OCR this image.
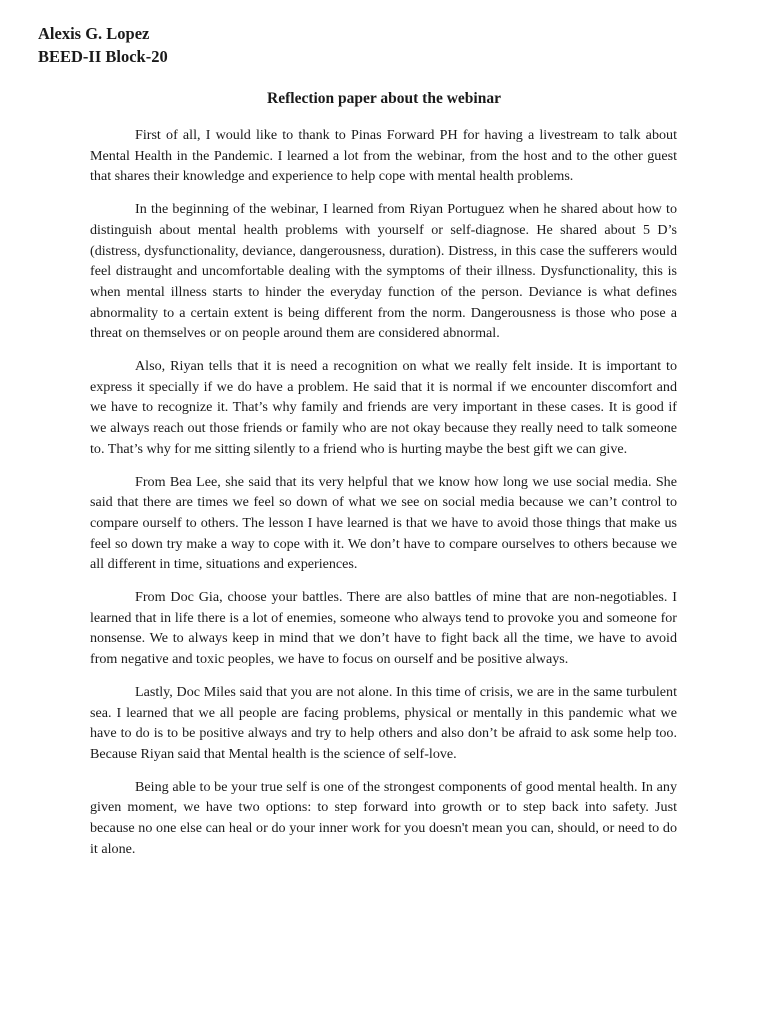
Alexis G. Lopez
BEED-II Block-20
Reflection paper about the webinar

First of all, I would like to thank to Pinas Forward PH for having a livestream to talk about Mental Health in the Pandemic. I learned a lot from the webinar, from the host and to the other guest that shares their knowledge and experience to help cope with mental health problems.

In the beginning of the webinar, I learned from Riyan Portuguez when he shared about how to distinguish about mental health problems with yourself or self-diagnose. He shared about 5 D’s (distress, dysfunctionality, deviance, dangerousness, duration). Distress, in this case the sufferers would feel distraught and uncomfortable dealing with the symptoms of their illness. Dysfunctionality, this is when mental illness starts to hinder the everyday function of the person. Deviance is what defines abnormality to a certain extent is being different from the norm. Dangerousness is those who pose a threat on themselves or on people around them are considered abnormal.

Also, Riyan tells that it is need a recognition on what we really felt inside. It is important to express it specially if we do have a problem. He said that it is normal if we encounter discomfort and we have to recognize it. That’s why family and friends are very important in these cases. It is good if we always reach out those friends or family who are not okay because they really need to talk someone to. That’s why for me sitting silently to a friend who is hurting maybe the best gift we can give.

From Bea Lee, she said that its very helpful that we know how long we use social media. She said that there are times we feel so down of what we see on social media because we can’t control to compare ourself to others. The lesson I have learned is that we have to avoid those things that make us feel so down try make a way to cope with it. We don’t have to compare ourselves to others because we all different in time, situations and experiences.

From Doc Gia, choose your battles. There are also battles of mine that are non-negotiables. I learned that in life there is a lot of enemies, someone who always tend to provoke you and someone for nonsense. We to always keep in mind that we don’t have to fight back all the time, we have to avoid from negative and toxic peoples, we have to focus on ourself and be positive always.

Lastly, Doc Miles said that you are not alone. In this time of crisis, we are in the same turbulent sea. I learned that we all people are facing problems, physical or mentally in this pandemic what we have to do is to be positive always and try to help others and also don’t be afraid to ask some help too. Because Riyan said that Mental health is the science of self-love.

Being able to be your true self is one of the strongest components of good mental health. In any given moment, we have two options: to step forward into growth or to step back into safety. Just because no one else can heal or do your inner work for you doesn't mean you can, should, or need to do it alone.
